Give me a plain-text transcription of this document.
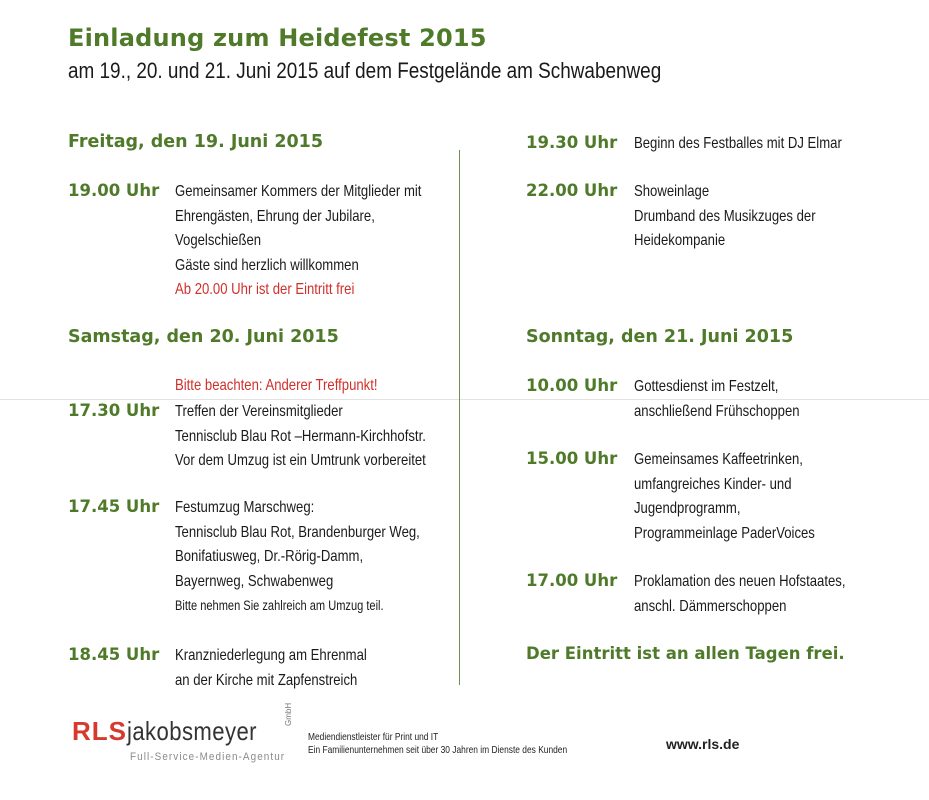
Einladung zum Heidefest 2015
am 19., 20. und 21. Juni 2015 auf dem Festgelände am Schwabenweg
Freitag, den 19. Juni 2015
19.00 Uhr Gemeinsamer Kommers der Mitglieder mit
Ehrengästen, Ehrung der Jubilare,
Vogelschießen
Gäste sind herzlich willkommen
Ab 20.00 Uhr ist der Eintritt frei
Samstag, den 20. Juni 2015
Bitte beachten: Anderer Treffpunkt!
17.30 Uhr Treffen der Vereinsmitglieder
Tennisclub Blau Rot –Hermann-Kirchhofstr.
Vor dem Umzug ist ein Umtrunk vorbereitet
17.45 Uhr Festumzug Marschweg:
Tennisclub Blau Rot, Brandenburger Weg,
Bonifatiusweg, Dr.-Rörig-Damm,
Bayernweg, Schwabenweg
Bitte nehmen Sie zahlreich am Umzug teil.
18.45 Uhr Kranzniederlegung am Ehrenmal
an der Kirche mit Zapfenstreich
19.30 Uhr Beginn des Festballes mit DJ Elmar
22.00 Uhr Showeinlage
Drumband des Musikzuges der
Heidekompanie
Sonntag, den 21. Juni 2015
10.00 Uhr Gottesdienst im Festzelt,
anschließend Frühschoppen
15.00 Uhr Gemeinsames Kaffeetrinken,
umfangreiches Kinder- und
Jugendprogramm,
Programmeinlage PaderVoices
17.00 Uhr Proklamation des neuen Hofstaates,
anschl. Dämmerschoppen
Der Eintritt ist an allen Tagen frei.
RLS jakobsmeyer
GmbH
Full-Service-Medien-Agentur
Mediendienstleister für Print und IT
Ein Familienunternehmen seit über 30 Jahren im Dienste des Kunden	www.rls.de
